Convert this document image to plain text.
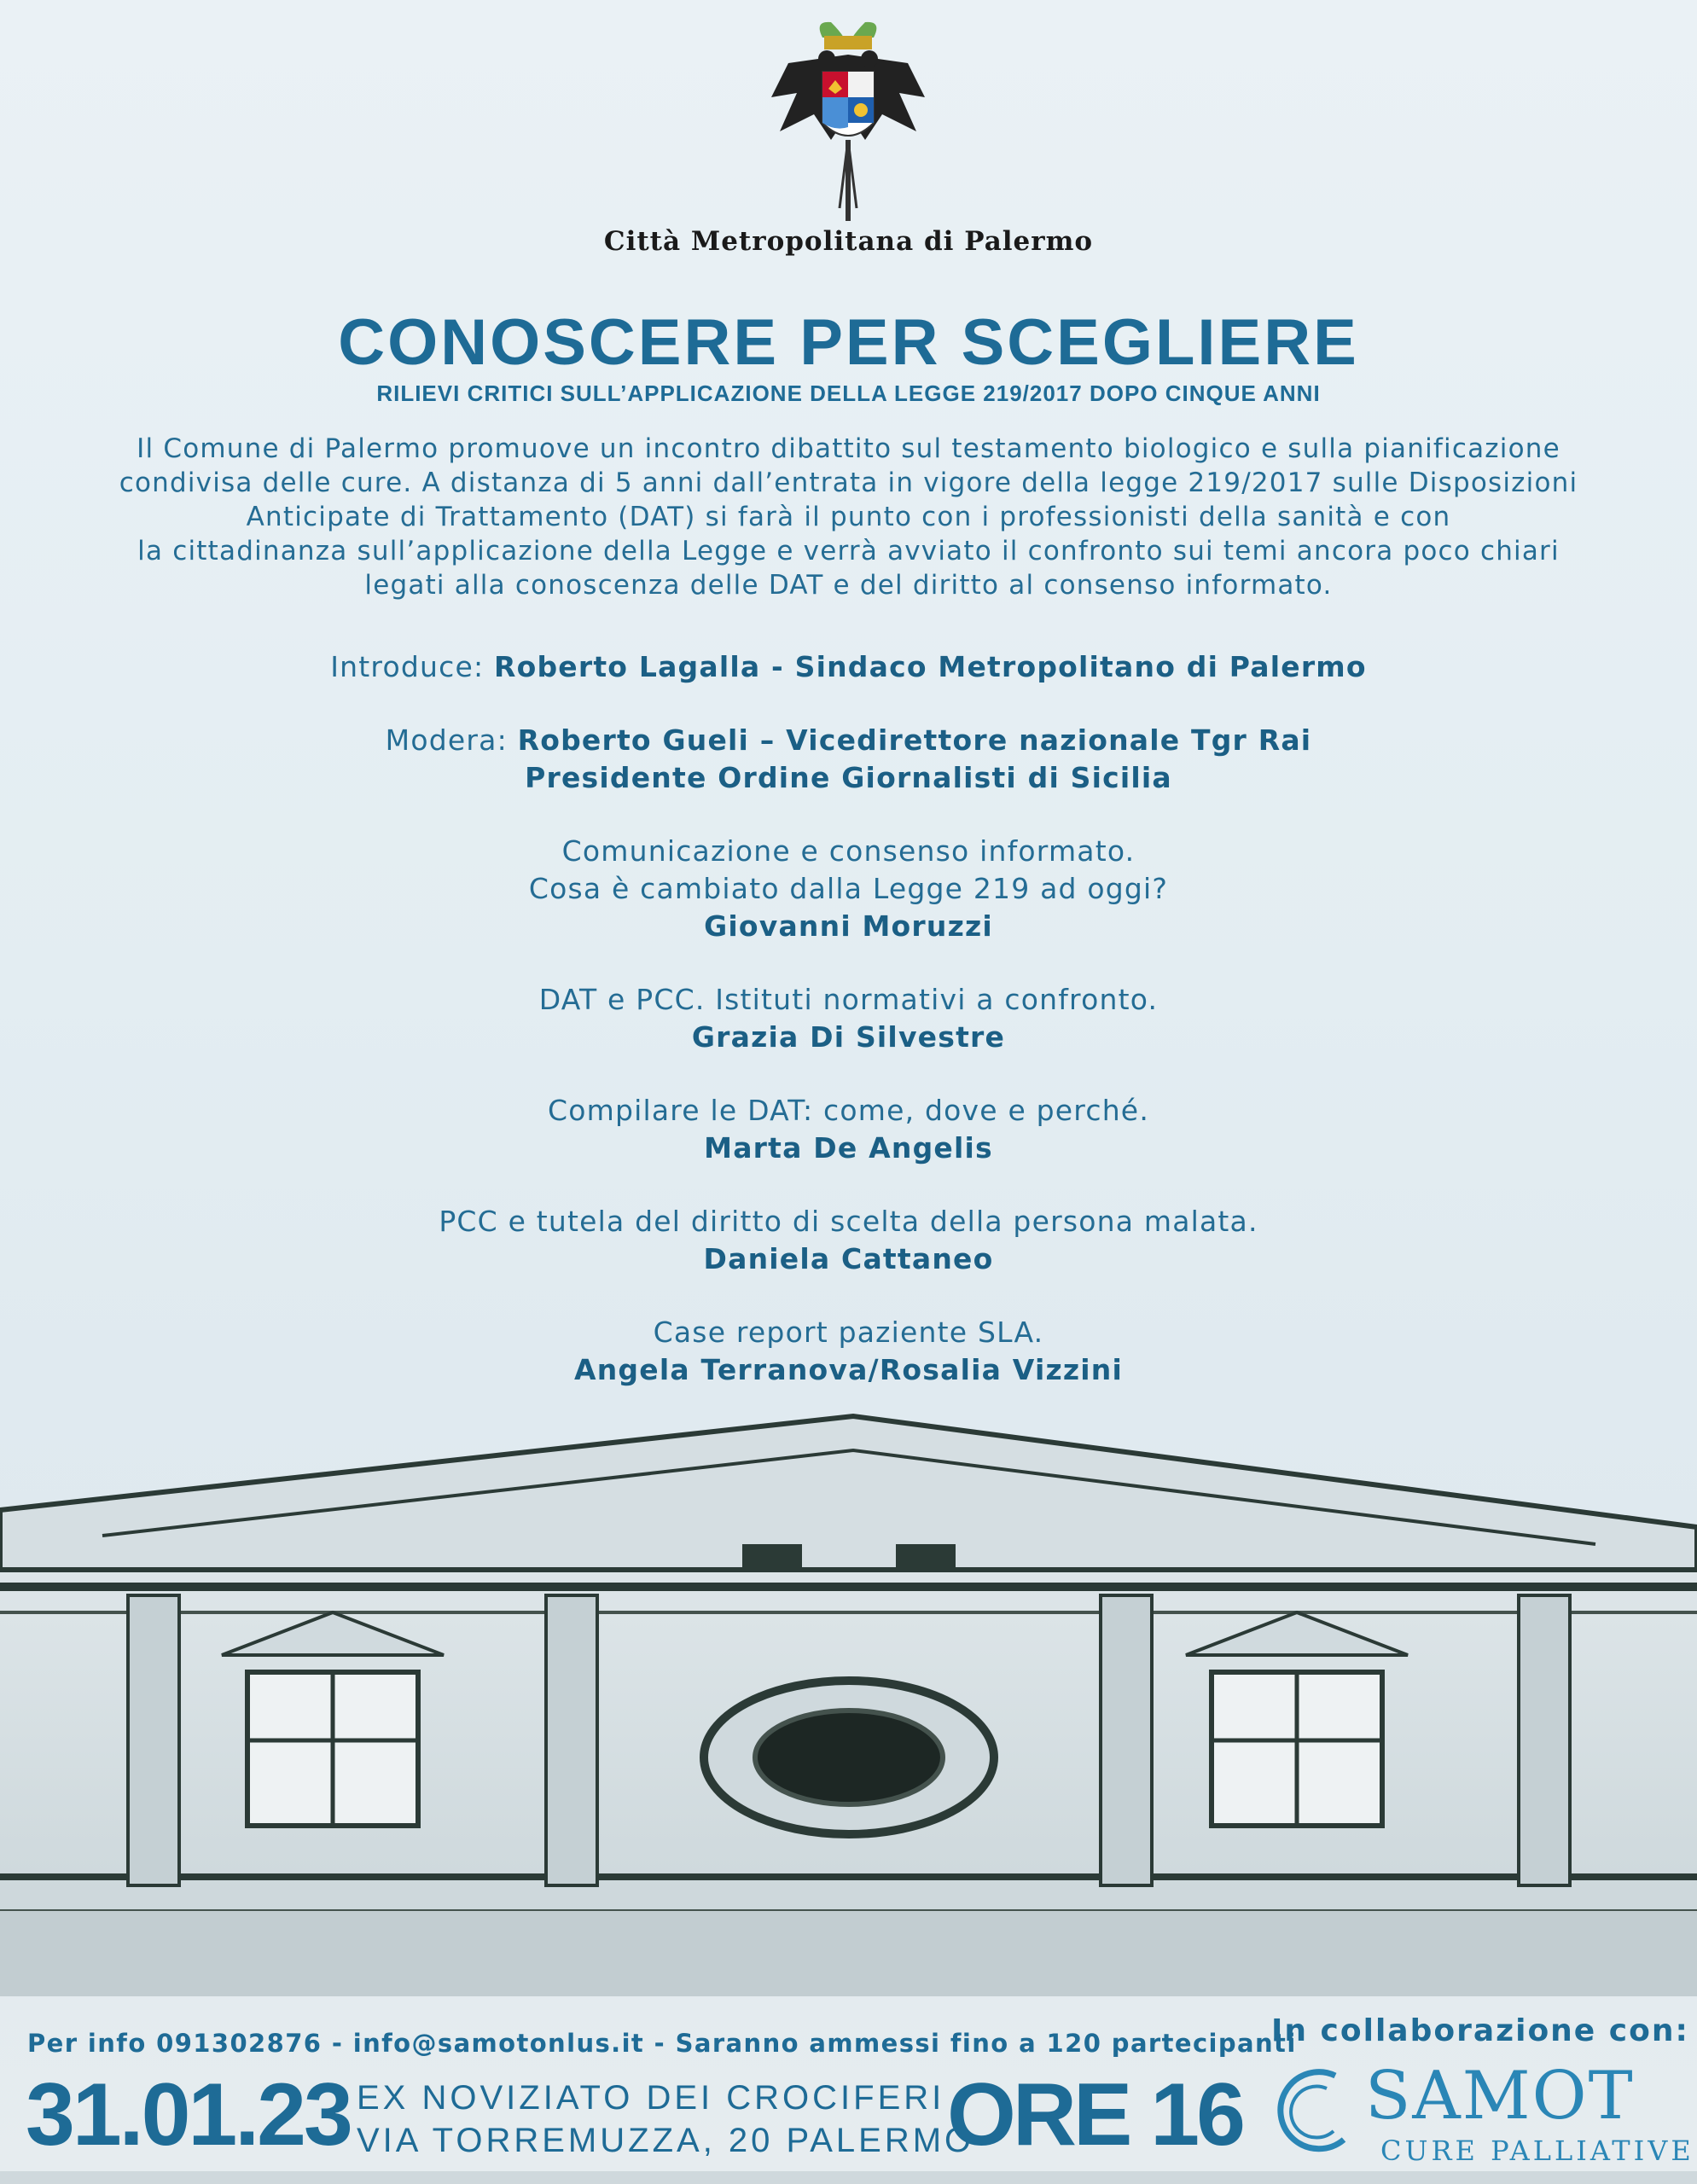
Città Metropolitana di Palermo
CONOSCERE PER SCEGLIERE
RILIEVI CRITICI SULL’APPLICAZIONE DELLA LEGGE 219/2017 DOPO CINQUE ANNI

Il Comune di Palermo promuove un incontro dibattito sul testamento biologico e sulla pianificazione

condivisa delle cure. A distanza di 5 anni dall’entrata in vigore della legge 219/2017 sulle Disposizioni

Anticipate di Trattamento (DAT) si farà il punto con i professionisti della sanità e con

la cittadinanza sull’applicazione della Legge e verrà avviato il confronto sui temi ancora poco chiari

legati alla conoscenza delle DAT e del diritto al consenso informato.

Introduce: Roberto Lagalla - Sindaco Metropolitano di Palermo
Modera: Roberto Gueli – Vicedirettore nazionale Tgr Rai
Presidente Ordine Giornalisti di Sicilia
Comunicazione e consenso informato.
Cosa è cambiato dalla Legge 219 ad oggi?
Giovanni Moruzzi
DAT e PCC. Istituti normativi a confronto.
Grazia Di Silvestre
Compilare le DAT: come, dove e perché.
Marta De Angelis
PCC e tutela del diritto di scelta della persona malata.
Daniela Cattaneo
Case report paziente SLA.
Angela Terranova/Rosalia Vizzini
Per info 091302876 - info@samotonlus.it - Saranno ammessi fino a 120 partecipanti
In collaborazione con:
31.01.23 EX NOVIZIATO DEI CROCIFERI
VIA TORREMUZZA, 20 PALERMO
ORE 16 SAMOT
CURE PALLIATIVE
